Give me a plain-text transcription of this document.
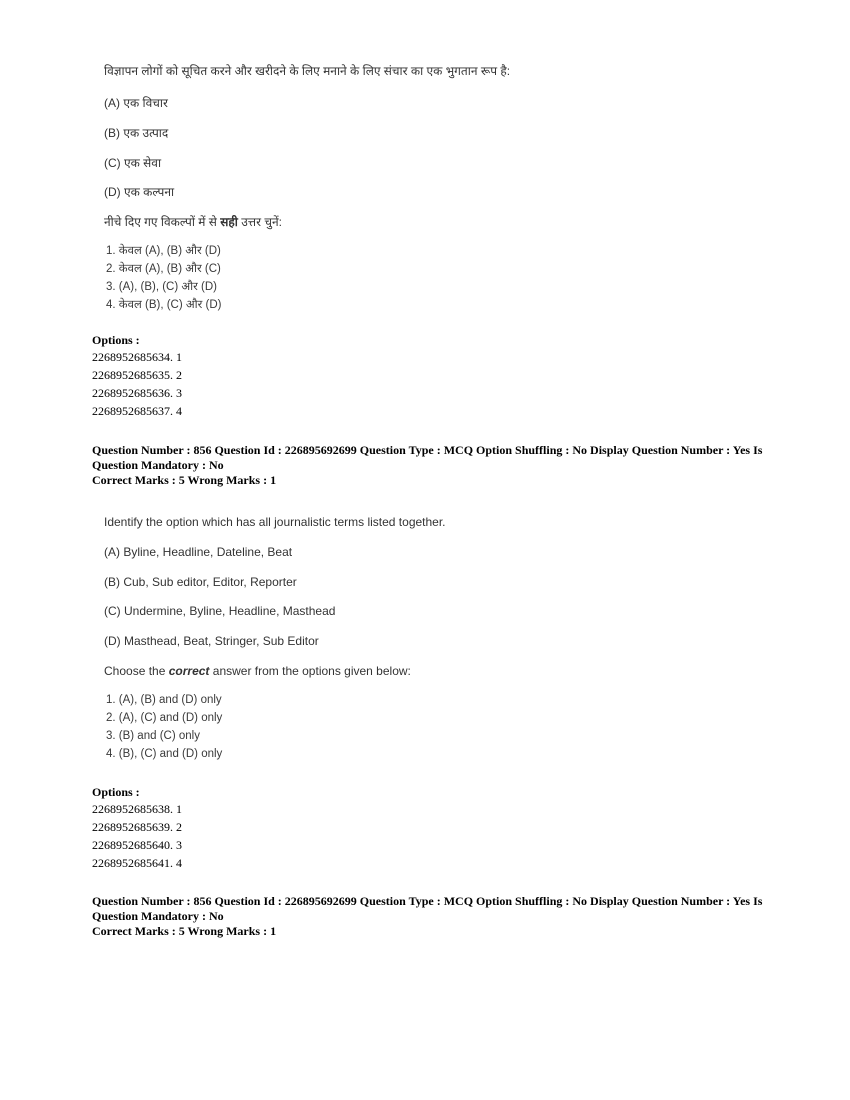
विज्ञापन लोगों को सूचित करने और खरीदने के लिए मनाने के लिए संचार का एक भुगतान रूप है:
(A) एक विचार
(B) एक उत्पाद
(C) एक सेवा
(D) एक कल्पना
नीचे दिए गए विकल्पों में से सही उत्तर चुनें:
1. केवल (A), (B) और (D)
2. केवल (A), (B) और (C)
3. (A), (B), (C) और (D)
4. केवल (B), (C) और (D)
Options :
2268952685634. 1
2268952685635. 2
2268952685636. 3
2268952685637. 4
Question Number : 856 Question Id : 226895692699 Question Type : MCQ Option Shuffling : No Display Question Number : Yes Is
Question Mandatory : No
Correct Marks : 5 Wrong Marks : 1
Identify the option which has all journalistic terms listed together.
(A) Byline, Headline, Dateline, Beat
(B) Cub, Sub editor, Editor, Reporter
(C) Undermine, Byline, Headline, Masthead
(D) Masthead, Beat, Stringer, Sub Editor
Choose the correct answer from the options given below:
1. (A), (B) and (D) only
2. (A), (C) and (D) only
3. (B) and (C) only
4. (B), (C) and (D) only
Options :
2268952685638. 1
2268952685639. 2
2268952685640. 3
2268952685641. 4
Question Number : 856 Question Id : 226895692699 Question Type : MCQ Option Shuffling : No Display Question Number : Yes Is
Question Mandatory : No
Correct Marks : 5 Wrong Marks : 1
